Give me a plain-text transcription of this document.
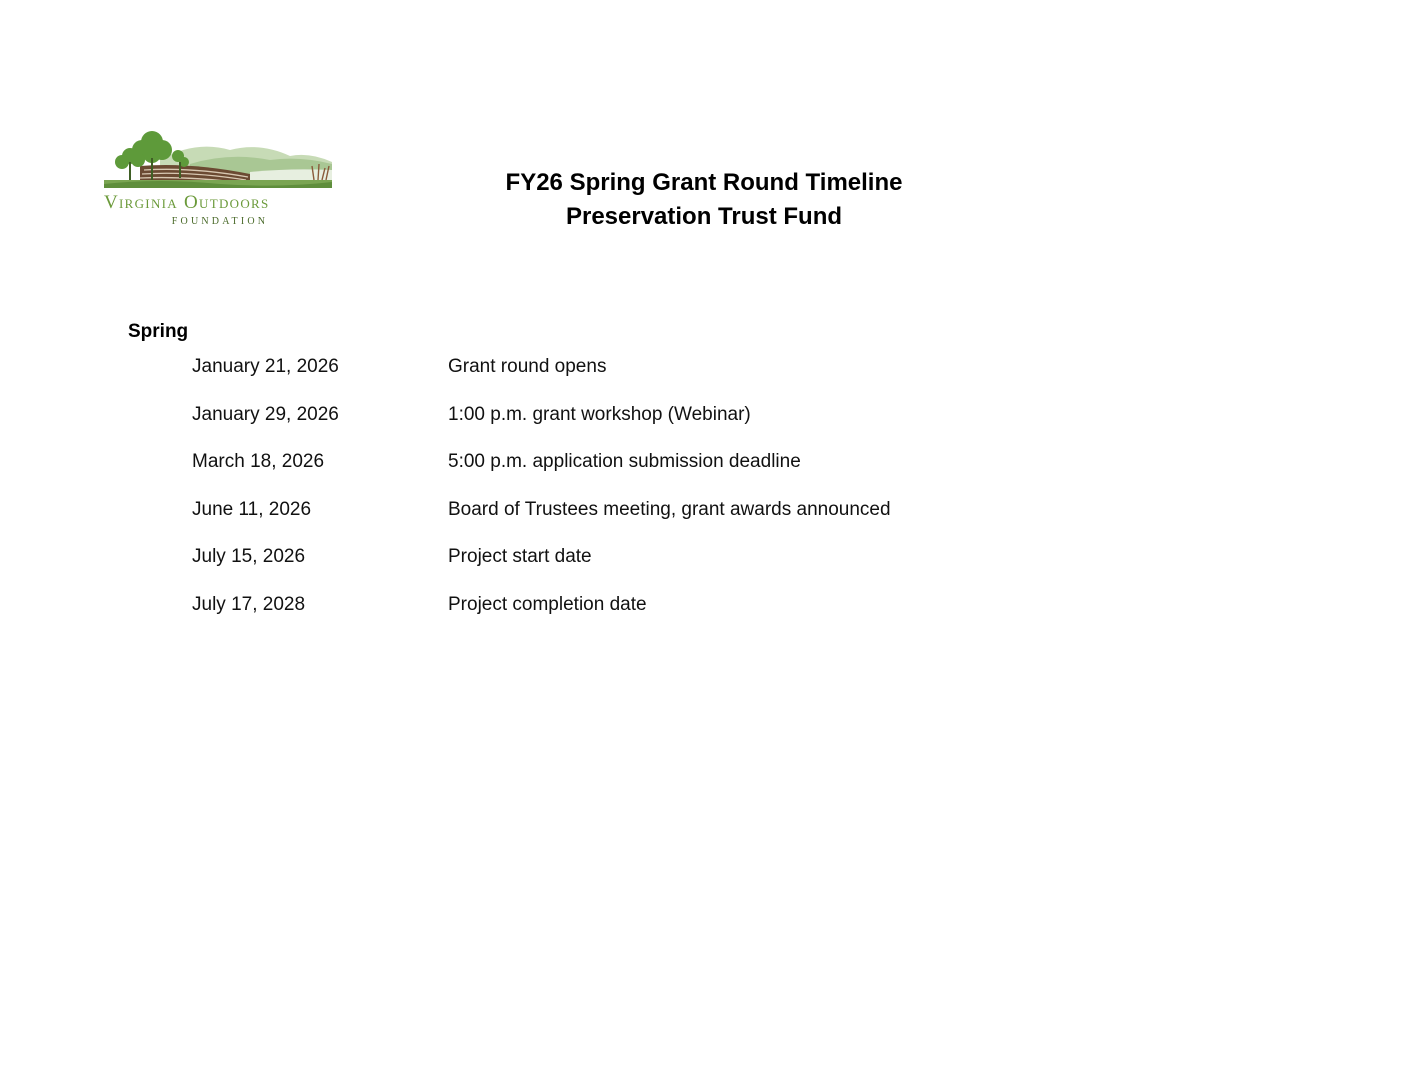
Virginia Outdoors
FOUNDATION
FY26 Spring Grant Round Timeline
Preservation Trust Fund
Spring
January 21, 2026	Grant round opens
January 29, 2026	1:00 p.m. grant workshop (Webinar)
March 18, 2026	5:00 p.m. application submission deadline
June 11, 2026	Board of Trustees meeting, grant awards announced
July 15, 2026	Project start date
July 17, 2028	Project completion date
